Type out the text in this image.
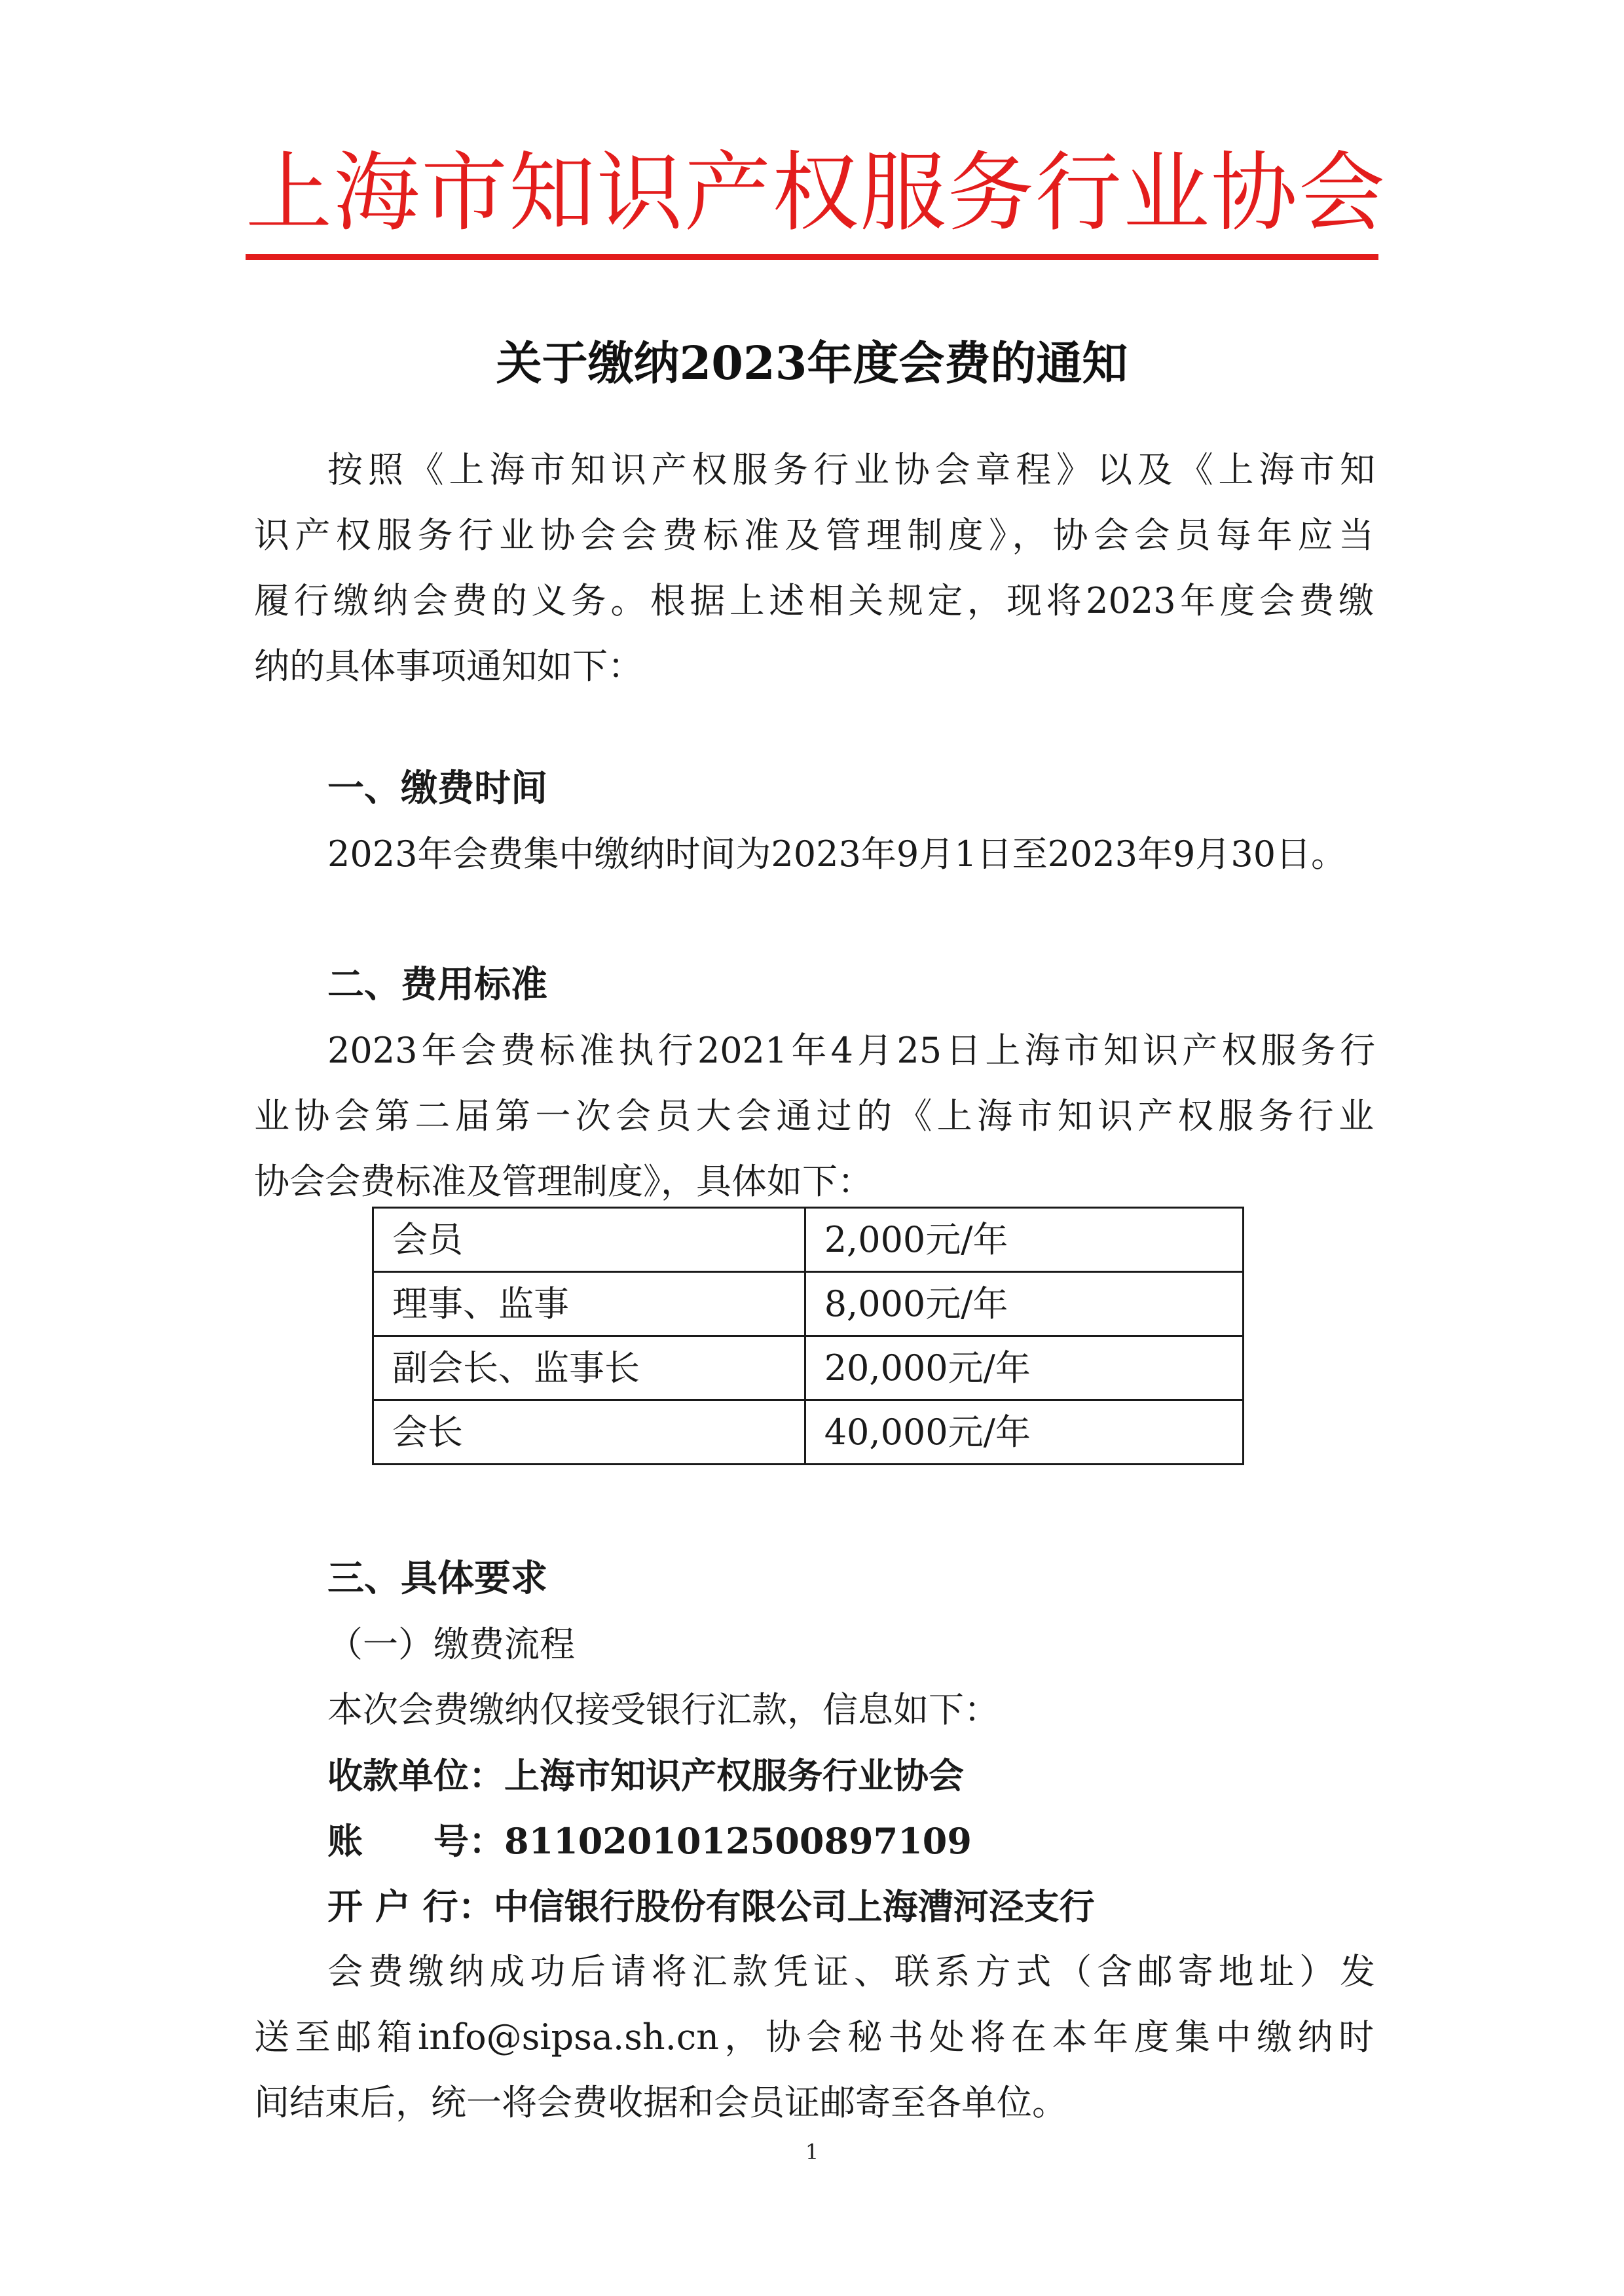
上海市知识产权服务行业协会
关于缴纳2023年度会费的通知
按照《上海市知识产权服务行业协会章程》以及《上海市知
识产权服务行业协会会费标准及管理制度》，协会会员每年应当
履行缴纳会费的义务。根据上述相关规定，现将2023年度会费缴
纳的具体事项通知如下：
一、缴费时间
2023年会费集中缴纳时间为2023年9月1日至2023年9月30日。
二、费用标准
2023年会费标准执行2021年4月25日上海市知识产权服务行
业协会第二届第一次会员大会通过的《上海市知识产权服务行业
协会会费标准及管理制度》，具体如下：
会员	2,000元/年
理事、监事	8,000元/年
副会长、监事长	20,000元/年
会长	40,000元/年
三、具体要求
（一）缴费流程
本次会费缴纳仅接受银行汇款，信息如下：
收款单位：上海市知识产权服务行业协会
账　　号：8110201012500897109
开 户 行：中信银行股份有限公司上海漕河泾支行
会费缴纳成功后请将汇款凭证、联系方式（含邮寄地址）发
送至邮箱info@sipsa.sh.cn，协会秘书处将在本年度集中缴纳时
间结束后，统一将会费收据和会员证邮寄至各单位。
1
